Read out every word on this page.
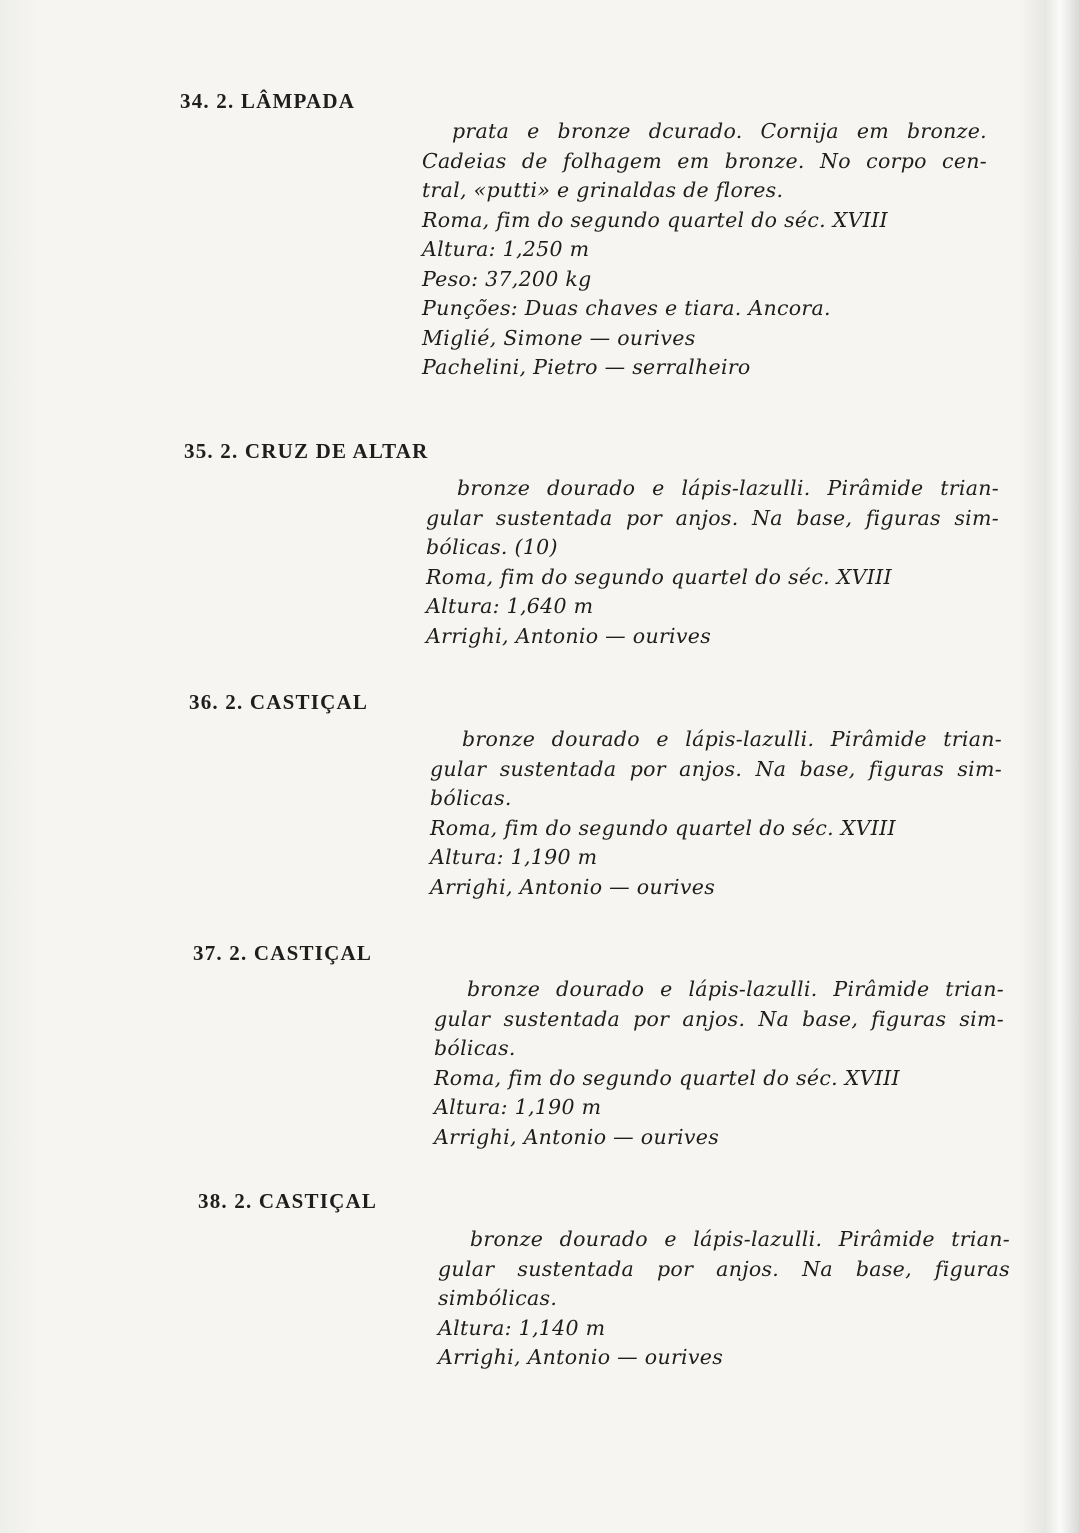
34. 2. LÂMPADA
prata e bronze dcurado. Cornija em bronze.
Cadeias de folhagem em bronze. No corpo cen-
tral, «putti» e grinaldas de flores.
Roma, fim do segundo quartel do séc. XVIII
Altura: 1,250 m
Peso: 37,200 kg
Punções: Duas chaves e tiara. Ancora.
Miglié, Simone — ourives
Pachelini, Pietro — serralheiro
35. 2. CRUZ DE ALTAR
bronze dourado e lápis-lazulli. Pirâmide trian-
gular sustentada por anjos. Na base, figuras sim-
bólicas. (10)
Roma, fim do segundo quartel do séc. XVIII
Altura: 1,640 m
Arrighi, Antonio — ourives
36. 2. CASTIÇAL
bronze dourado e lápis-lazulli. Pirâmide trian-
gular sustentada por anjos. Na base, figuras sim-
bólicas.
Roma, fim do segundo quartel do séc. XVIII
Altura: 1,190 m
Arrighi, Antonio — ourives
37. 2. CASTIÇAL
bronze dourado e lápis-lazulli. Pirâmide trian-
gular sustentada por anjos. Na base, figuras sim-
bólicas.
Roma, fim do segundo quartel do séc. XVIII
Altura: 1,190 m
Arrighi, Antonio — ourives
38. 2. CASTIÇAL
bronze dourado e lápis-lazulli. Pirâmide trian-
gular sustentada por anjos. Na base, figuras
simbólicas.
Altura: 1,140 m
Arrighi, Antonio — ourives
